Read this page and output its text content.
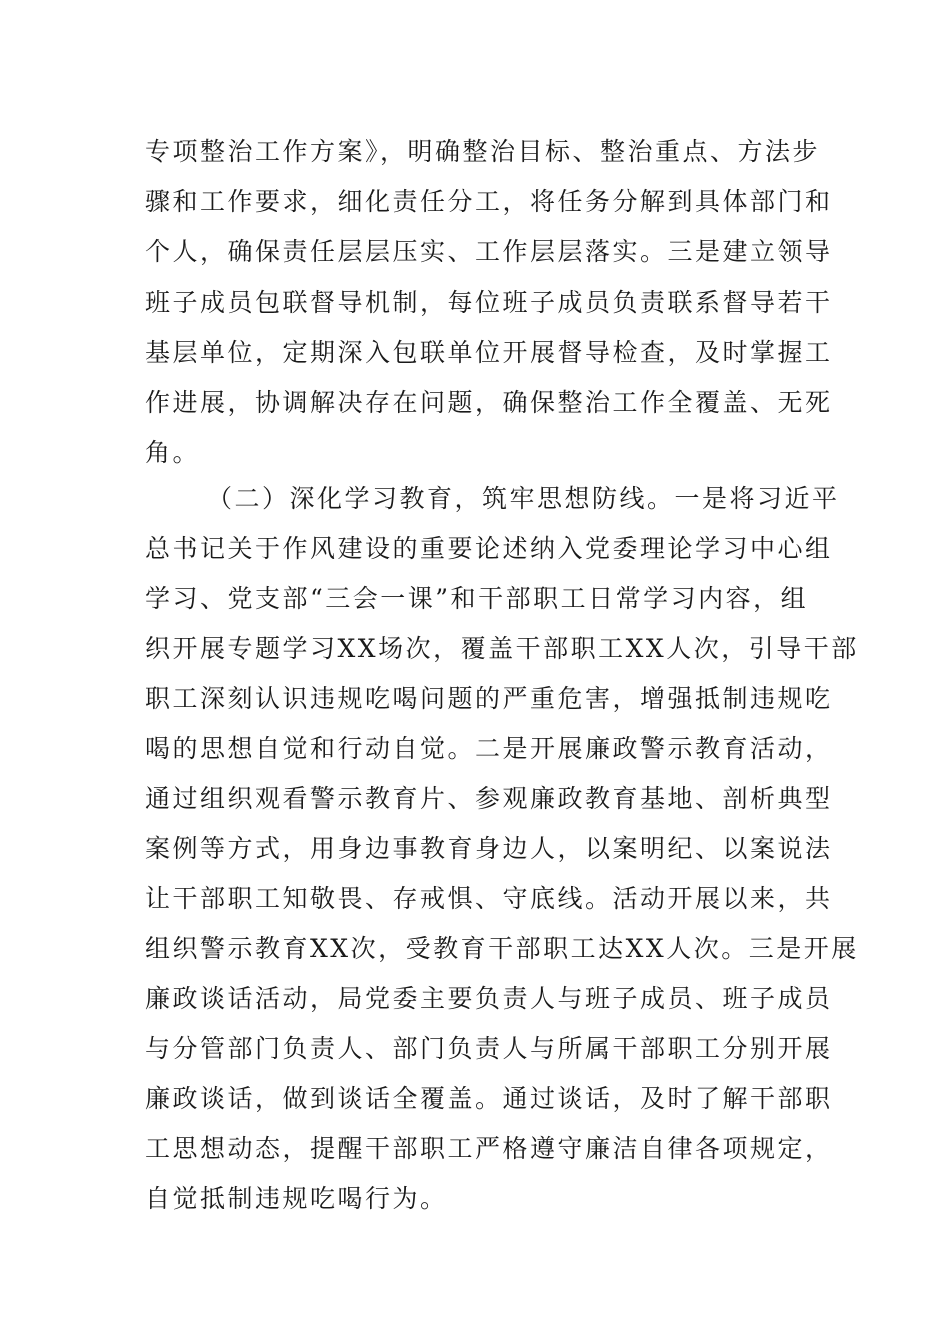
专项整治工作方案》，明确整治目标、整治重点、方法步
骤和工作要求，细化责任分工，将任务分解到具体部门和
个人，确保责任层层压实、工作层层落实。三是建立领导
班子成员包联督导机制，每位班子成员负责联系督导若干
基层单位，定期深入包联单位开展督导检查，及时掌握工
作进展，协调解决存在问题，确保整治工作全覆盖、无死
角。
（二）深化学习教育，筑牢思想防线。一是将习近平
总书记关于作风建设的重要论述纳入党委理论学习中心组
学习、党支部“三会一课”和干部职工日常学习内容，组
织开展专题学习XX场次，覆盖干部职工XX人次，引导干部
职工深刻认识违规吃喝问题的严重危害，增强抵制违规吃
喝的思想自觉和行动自觉。二是开展廉政警示教育活动，
通过组织观看警示教育片、参观廉政教育基地、剖析典型
案例等方式，用身边事教育身边人，以案明纪、以案说法
让干部职工知敬畏、存戒惧、守底线。活动开展以来，共
组织警示教育XX次，受教育干部职工达XX人次。三是开展
廉政谈话活动，局党委主要负责人与班子成员、班子成员
与分管部门负责人、部门负责人与所属干部职工分别开展
廉政谈话，做到谈话全覆盖。通过谈话，及时了解干部职
工思想动态，提醒干部职工严格遵守廉洁自律各项规定，
自觉抵制违规吃喝行为。
